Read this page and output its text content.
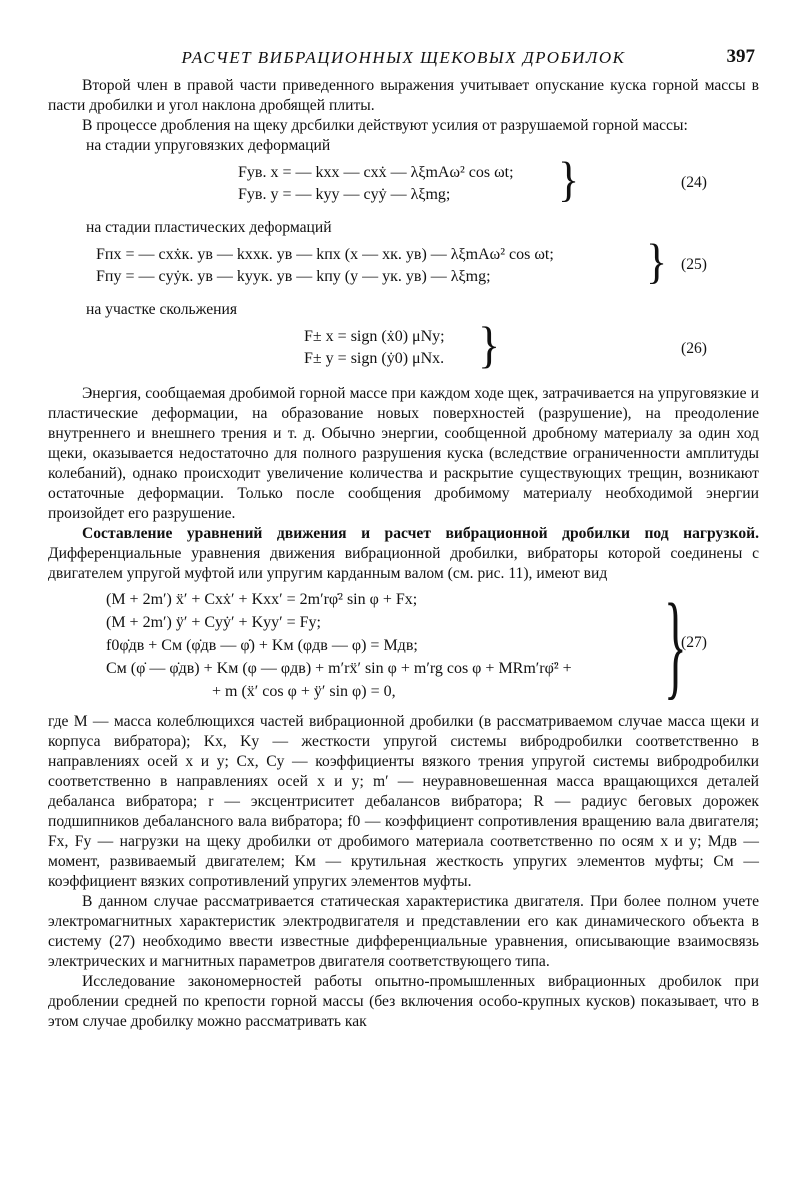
РАСЧЕТ ВИБРАЦИОННЫХ ЩЕКОВЫХ ДРОБИЛОК	397

Второй член в правой части приведенного выражения учитывает опускание куска горной массы в пасти дробилки и угол наклона дробящей плиты.

В процессе дробления на щеку дрсбилки действуют усилия от разрушаемой горной массы:

на стадии упруговязких деформаций
Fув. x = — kxx — cxẋ — λξmAω² cos ωt;
Fув. y = — kyy — cyẏ — λξmg;	}	(24)
на стадии пластических деформаций
Fпx = — cxẋк. ув — kxxк. ув — kпx (x — xк. ув) — λξmAω² cos ωt;
Fпy = — cyẏк. ув — kyyк. ув — kпy (y — yк. ув) — λξmg;	} (25)
на участке скольжения
F± x = sign (ẋ0) μNy;
F± y = sign (ẏ0) μNx. }	(26)

Энергия, сообщаемая дробимой горной массе при каждом ходе щек, затрачивается на упруговязкие и пластические деформации, на образование новых поверхностей (разрушение), на преодоление внутреннего и внешнего трения и т. д. Обычно энергии, сообщенной дробному материалу за один ход щеки, оказывается недостаточно для полного разрушения куска (вследствие ограниченности амплитуды колебаний), однако происходит увеличение количества и раскрытие существующих трещин, возникают остаточные деформации. Только после сообщения дробимому материалу необходимой энергии произойдет его разрушение.

Составление уравнений движения и расчет вибрационной дробилки под нагрузкой. Дифференциальные уравнения движения вибрационной дробилки, вибраторы которой соединены с двигателем упругой муфтой или упругим карданным валом (см. рис. 11), имеют вид

(M + 2m′) ẍ′ + Cxẋ′ + Kxx′ = 2m′rφ̇² sin φ + Fx;
(M + 2m′) ÿ′ + Cyẏ′ + Kyy′ = Fy;
f0φ̇дв + Cм (φ̇дв — φ̇) + Kм (φдв — φ) = Mдв;
Cм (φ̇ — φ̇дв) + Kм (φ — φдв) + m′rẍ′ sin φ + m′rg cos φ + MRm′rφ̈² +
+ m (ẍ′ cos φ + ÿ′ sin φ) = 0,	}
(27)

где M — масса колеблющихся частей вибрационной дробилки (в рассматриваемом случае масса щеки и корпуса вибратора); Kx, Ky — жесткости упругой системы вибродробилки соответственно в направлениях осей x и y; Cx, Cy — коэффициенты вязкого трения упругой системы вибродробилки соответственно в направлениях осей x и y; m′ — неуравновешенная масса вращающихся деталей дебаланса вибратора; r — эксцентриситет дебалансов вибратора; R — радиус беговых дорожек подшипников дебалансного вала вибратора; f0 — коэффициент сопротивления вращению вала двигателя; Fx, Fy — нагрузки на щеку дробилки от дробимого материала соответственно по осям x и y; Mдв — момент, развиваемый двигателем; Kм — крутильная жесткость упругих элементов муфты; Cм — коэффициент вязких сопротивлений упругих элементов муфты.

В данном случае рассматривается статическая характеристика двигателя. При более полном учете электромагнитных характеристик электродвигателя и представлении его как динамического объекта в систему (27) необходимо ввести известные дифференциальные уравнения, описывающие взаимосвязь электрических и магнитных параметров двигателя соответствующего типа.

Исследование закономерностей работы опытно-промышленных вибрационных дробилок при дроблении средней по крепости горной массы (без включения особо-крупных кусков) показывает, что в этом случае дробилку можно рассматривать как
